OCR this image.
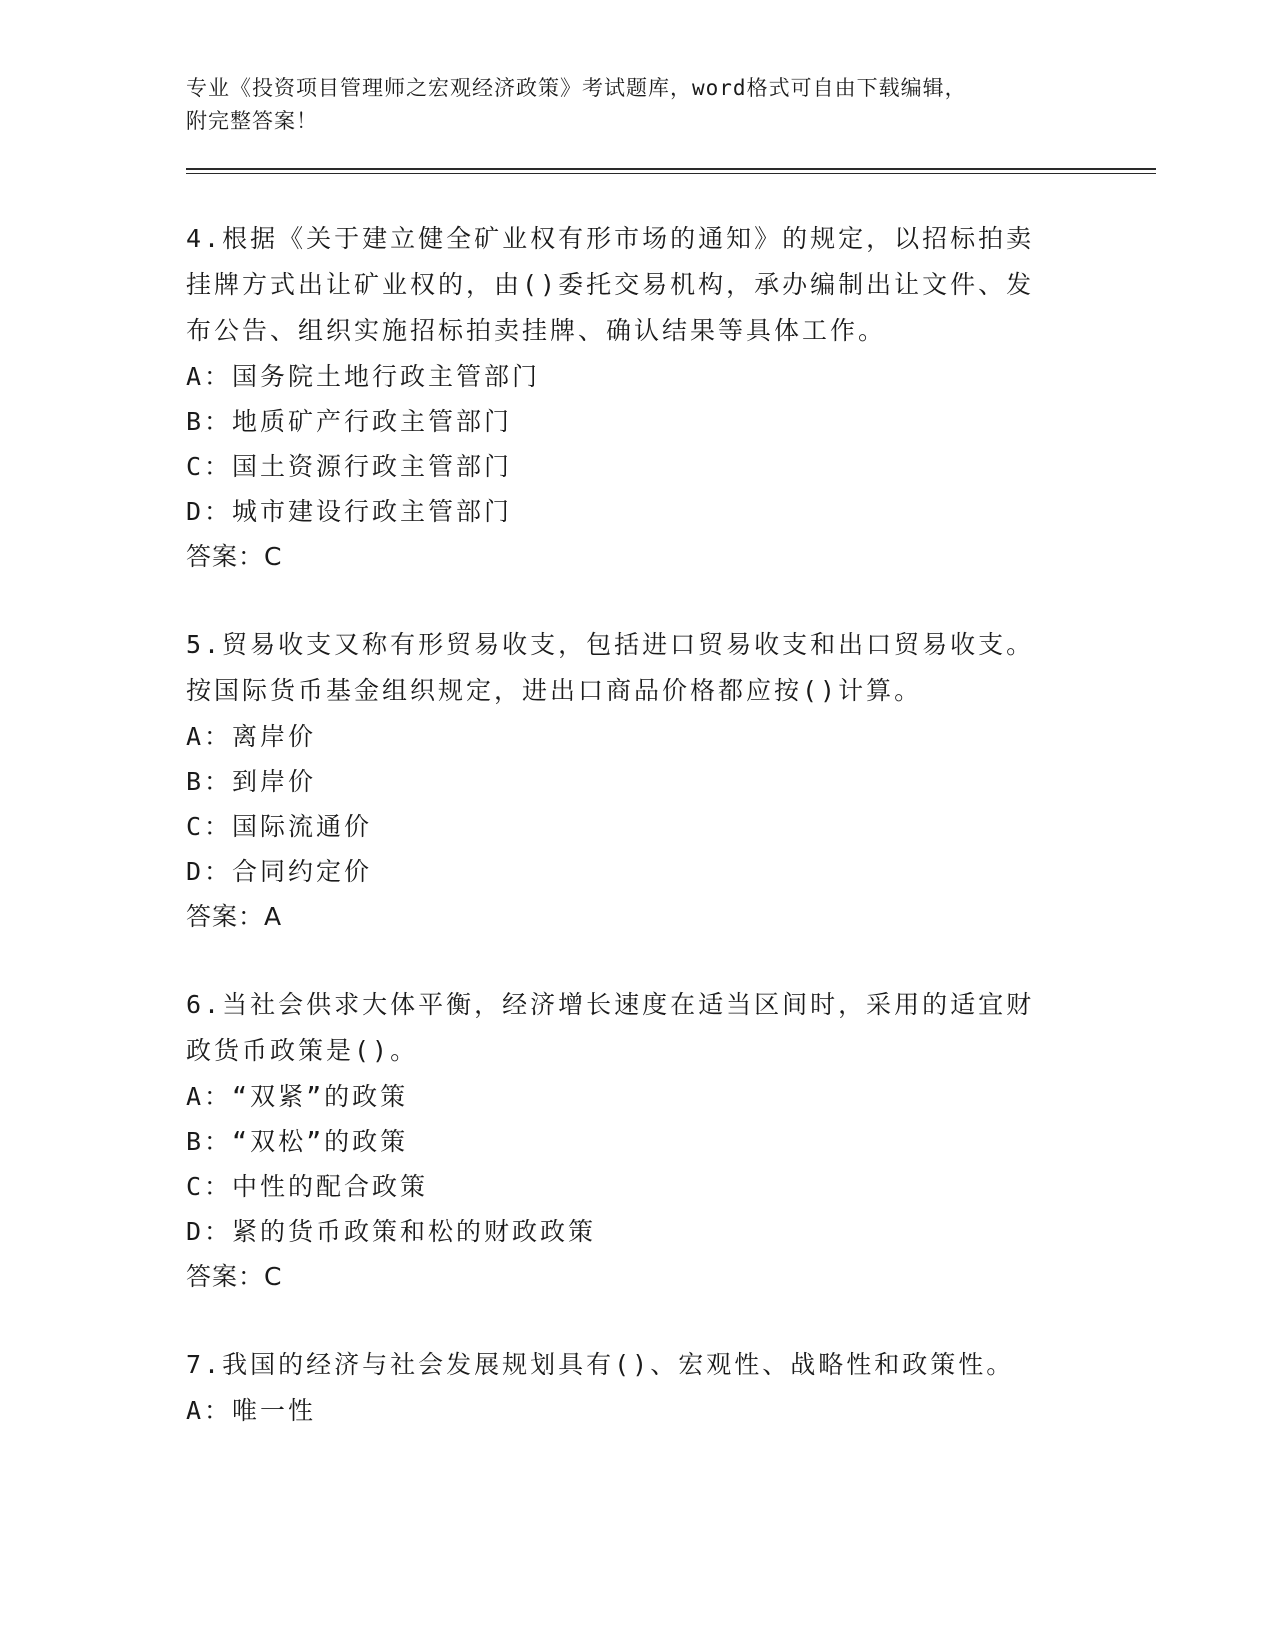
专业《投资项目管理师之宏观经济政策》考试题库，word格式可自由下载编辑，
附完整答案！
4.根据《关于建立健全矿业权有形市场的通知》的规定，以招标拍卖
挂牌方式出让矿业权的，由()委托交易机构，承办编制出让文件、发
布公告、组织实施招标拍卖挂牌、确认结果等具体工作。
A：国务院土地行政主管部门
B：地质矿产行政主管部门
C：国土资源行政主管部门
D：城市建设行政主管部门
答案：C
5.贸易收支又称有形贸易收支，包括进口贸易收支和出口贸易收支。
按国际货币基金组织规定，进出口商品价格都应按()计算。
A：离岸价
B：到岸价
C：国际流通价
D：合同约定价
答案：A
6.当社会供求大体平衡，经济增长速度在适当区间时，采用的适宜财
政货币政策是()。
A：“双紧”的政策
B：“双松”的政策
C：中性的配合政策
D：紧的货币政策和松的财政政策
答案：C
7.我国的经济与社会发展规划具有()、宏观性、战略性和政策性。
A：唯一性
